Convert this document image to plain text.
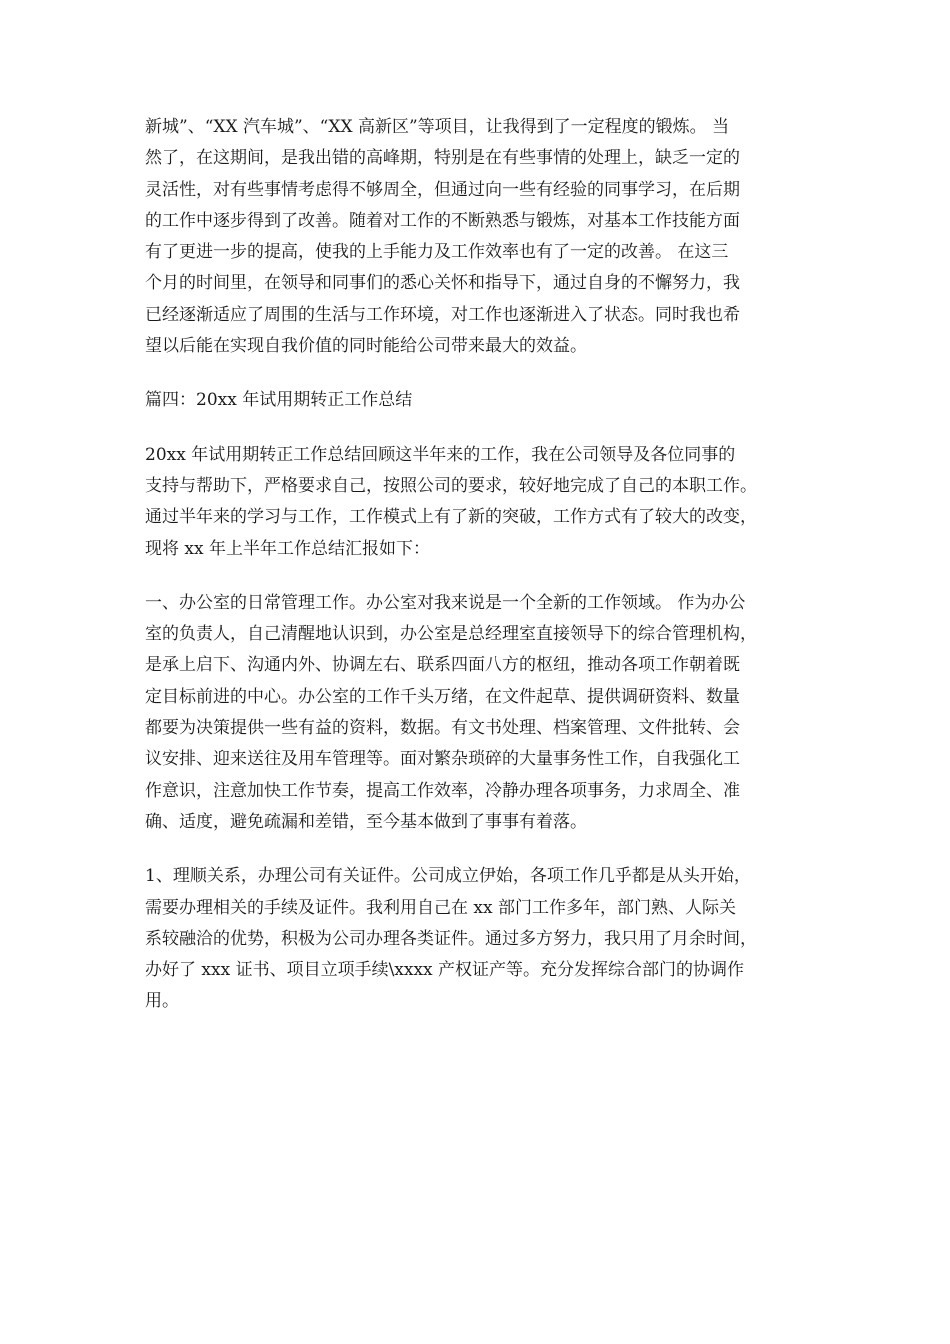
新城”、“XX 汽车城”、“XX 高新区”等项目，让我得到了一定程度的锻炼。 当
然了，在这期间，是我出错的高峰期，特别是在有些事情的处理上，缺乏一定的
灵活性，对有些事情考虑得不够周全，但通过向一些有经验的同事学习，在后期
的工作中逐步得到了改善。随着对工作的不断熟悉与锻炼，对基本工作技能方面
有了更进一步的提高，使我的上手能力及工作效率也有了一定的改善。 在这三
个月的时间里，在领导和同事们的悉心关怀和指导下，通过自身的不懈努力，我
已经逐渐适应了周围的生活与工作环境，对工作也逐渐进入了状态。同时我也希
望以后能在实现自我价值的同时能给公司带来最大的效益。

篇四：20xx 年试用期转正工作总结

20xx 年试用期转正工作总结回顾这半年来的工作，我在公司领导及各位同事的
支持与帮助下，严格要求自己，按照公司的要求，较好地完成了自己的本职工作。
通过半年来的学习与工作，工作模式上有了新的突破，工作方式有了较大的改变，
现将 xx 年上半年工作总结汇报如下：

一、办公室的日常管理工作。办公室对我来说是一个全新的工作领域。 作为办公
室的负责人，自己清醒地认识到，办公室是总经理室直接领导下的综合管理机构，
是承上启下、沟通内外、协调左右、联系四面八方的枢纽，推动各项工作朝着既
定目标前进的中心。办公室的工作千头万绪，在文件起草、提供调研资料、数量
都要为决策提供一些有益的资料，数据。有文书处理、档案管理、文件批转、会
议安排、迎来送往及用车管理等。面对繁杂琐碎的大量事务性工作，自我强化工
作意识，注意加快工作节奏，提高工作效率，冷静办理各项事务，力求周全、准
确、适度，避免疏漏和差错，至今基本做到了事事有着落。

1、理顺关系，办理公司有关证件。公司成立伊始，各项工作几乎都是从头开始，
需要办理相关的手续及证件。我利用自己在 xx 部门工作多年，部门熟、人际关
系较融洽的优势，积极为公司办理各类证件。通过多方努力，我只用了月余时间，
办好了 xxx 证书、项目立项手续\xxxx 产权证产等。充分发挥综合部门的协调作
用。
